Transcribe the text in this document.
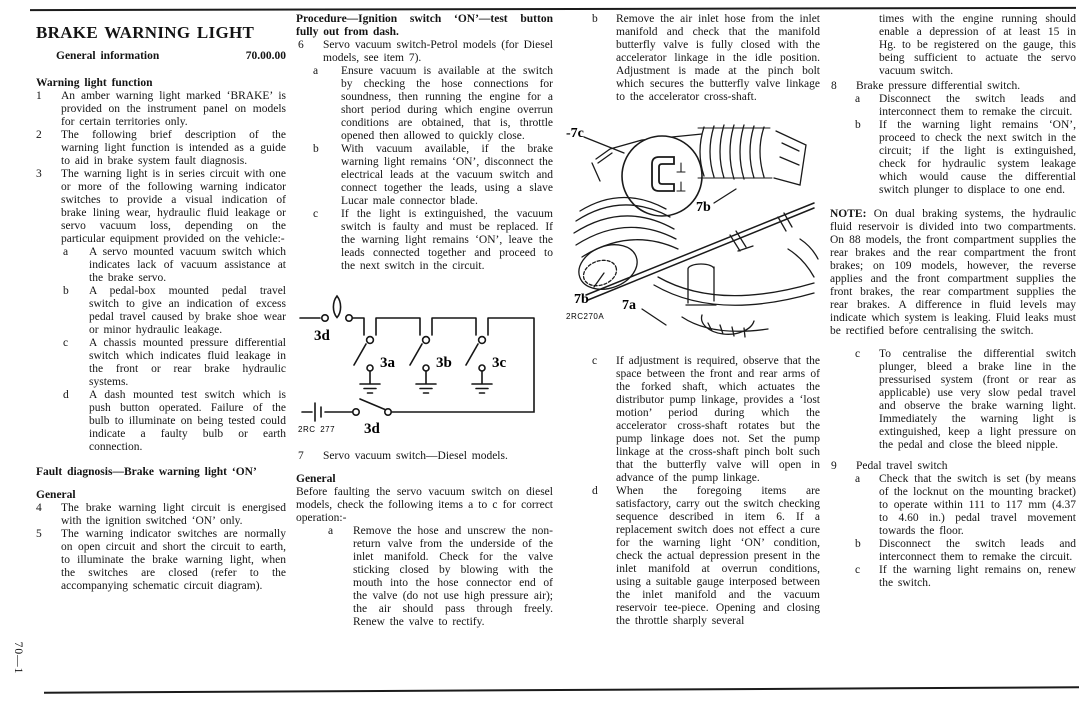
70—1
BRAKE WARNING LIGHT
General information	70.00.00
Warning light function
1 An amber warning light marked ‘BRAKE’ is provided on the instrument panel on models for certain territories only.
2 The following brief description of the warning light function is intended as a guide to aid in brake system fault diagnosis.
3 The warning light is in series circuit with one or more of the following warning indicator switches to provide a visual indication of brake lining wear, hydraulic fluid leakage or servo vacuum loss, depending on the particular equipment provided on the vehicle:-
a A servo mounted vacuum switch which indicates lack of vacuum assistance at the brake servo.
b A pedal-box mounted pedal travel switch to give an indication of excess pedal travel caused by brake shoe wear or minor hydraulic leakage.
c A chassis mounted pressure differential switch which indicates fluid leakage in the front or rear brake hydraulic systems.
d A dash mounted test switch which is push button operated. Failure of the bulb to illuminate on being tested could indicate a faulty bulb or earth connection.
Fault diagnosis—Brake warning light ‘ON’
General
4 The brake warning light circuit is energised with the ignition switched ‘ON’ only.
5 The warning indicator switches are normally on open circuit and short the circuit to earth, to illuminate the brake warning light, when the switches are closed (refer to the accompanying schematic circuit diagram).
Procedure—Ignition switch ‘ON’—test button fully out from dash.
6 Servo vacuum switch-Petrol models (for Diesel models, see item 7).
a Ensure vacuum is available at the switch by checking the hose connections for soundness, then running the engine for a short period during which engine overrun conditions are obtained, that is, throttle opened then allowed to quickly close.
b With vacuum available, if the brake warning light remains ‘ON’, disconnect the electrical leads at the vacuum switch and connect together the leads, using a slave Lucar male connector blade.
c If the light is extinguished, the vacuum switch is faulty and must be replaced. If the warning light remains ‘ON’, leave the leads connected together and proceed to the next switch in the circuit.
3d
3a	3b	3c
3d
2RC 277
7 Servo vacuum switch—Diesel models.
General
Before faulting the servo vacuum switch on diesel models, check the following items a to c for correct operation:-
a Remove the hose and unscrew the non-return valve from the underside of the inlet manifold. Check for the valve sticking closed by blowing with the mouth into the hose connector end of the valve (do not use high pressure air); the air should pass through freely. Renew the valve to rectify.
b Remove the air inlet hose from the inlet manifold and check that the manifold butterfly valve is fully closed with the accelerator linkage in the idle position. Adjustment is made at the pinch bolt which secures the butterfly valve linkage to the accelerator cross-shaft.
-7c
7b
7b 7a
2RC270A
c If adjustment is required, observe that the space between the front and rear arms of the forked shaft, which actuates the distributor pump linkage, provides a ‘lost motion’ period during which the accelerator cross-shaft rotates but the pump linkage does not. Set the pump linkage at the cross-shaft pinch bolt such that the butterfly valve will open in advance of the pump linkage.
d When the foregoing items are satisfactory, carry out the switch checking sequence described in item 6. If a replacement switch does not effect a cure for the warning light ‘ON’ condition, check the actual depression present in the inlet manifold at overrun conditions, using a suitable gauge interposed between the inlet manifold and the vacuum reservoir tee-piece. Opening and closing the throttle sharply several
times with the engine running should enable a depression of at least 15 in Hg. to be registered on the gauge, this being sufficient to actuate the servo vacuum switch.
8 Brake pressure differential switch.
a Disconnect the switch leads and interconnect them to remake the circuit.
b If the warning light remains ‘ON’, proceed to check the next switch in the circuit; if the light is extinguished, check for hydraulic system leakage which would cause the differential switch plunger to displace to one end.
NOTE: On dual braking systems, the hydraulic fluid reservoir is divided into two compartments. On 88 models, the front compartment supplies the rear brakes and the rear compartment the front brakes; on 109 models, however, the reverse applies and the front compartment supplies the front brakes, the rear compartment supplies the rear brakes. A difference in fluid levels may indicate which system is leaking. Fluid leaks must be rectified before centralising the switch.
c To centralise the differential switch plunger, bleed a brake line in the pressurised system (front or rear as applicable) use very slow pedal travel and observe the brake warning light. Immediately the warning light is extinguished, keep a light pressure on the pedal and close the bleed nipple.
9 Pedal travel switch
a Check that the switch is set (by means of the locknut on the mounting bracket) to operate within 111 to 117 mm (4.37 to 4.60 in.) pedal travel movement towards the floor.
b Disconnect the switch leads and interconnect them to remake the circuit.
c If the warning light remains on, renew the switch.
